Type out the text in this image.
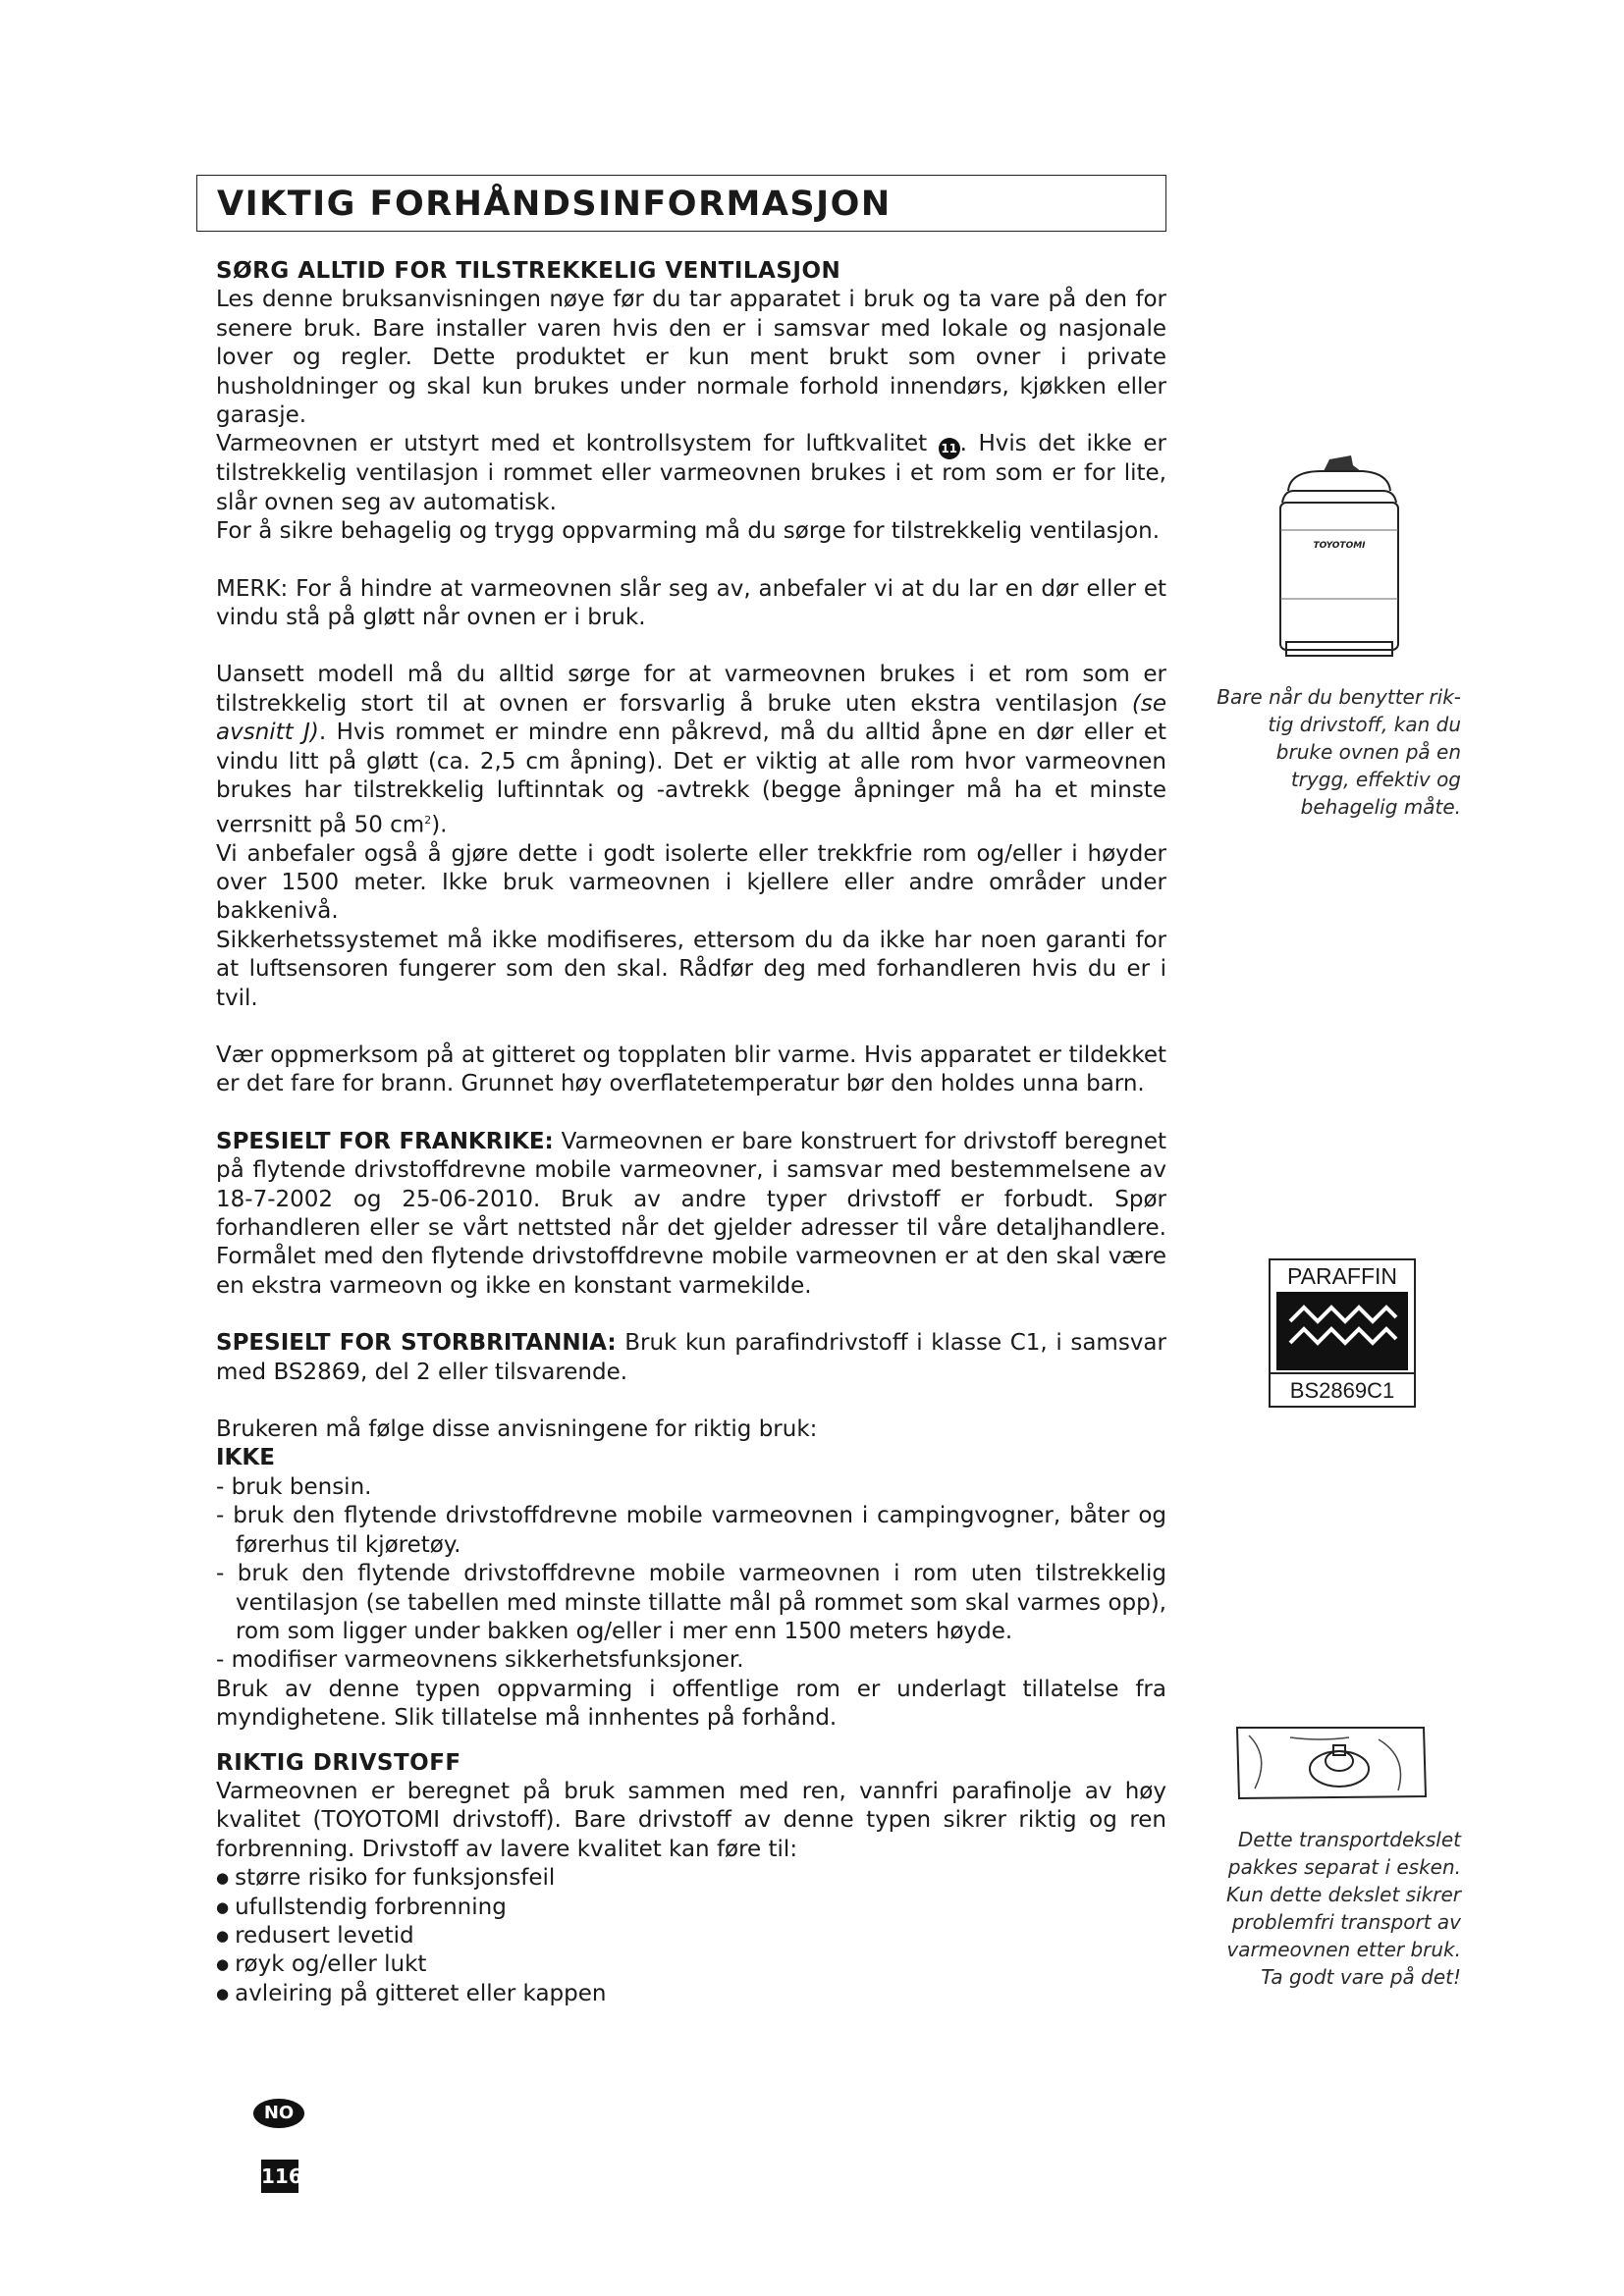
VIKTIG FORHÅNDSINFORMASJON

SØRG ALLTID FOR TILSTREKKELIG VENTILASJON

Les denne bruksanvisningen nøye før du tar apparatet i bruk og ta vare på den for senere bruk. Bare installer varen hvis den er i samsvar med lokale og nasjonale lover og regler. Dette produktet er kun ment brukt som ovner i private husholdninger og skal kun brukes under normale forhold innendørs, kjøkken eller garasje.

Varmeovnen er utstyrt med et kontrollsystem for luftkvalitet 11 . Hvis det ikke er tilstrekkelig ventilasjon i rommet eller varmeovnen brukes i et rom som er for lite, slår ovnen seg av automatisk.

For å sikre behagelig og trygg oppvarming må du sørge for tilstrekkelig ventilasjon.

MERK: For å hindre at varmeovnen slår seg av, anbefaler vi at du lar en dør eller et vindu stå på gløtt når ovnen er i bruk.

Uansett modell må du alltid sørge for at varmeovnen brukes i et rom som er tilstrekkelig stort til at ovnen er forsvarlig å bruke uten ekstra ventilasjon (se avsnitt J). Hvis rommet er mindre enn påkrevd, må du alltid åpne en dør eller et vindu litt på gløtt (ca. 2,5 cm åpning). Det er viktig at alle rom hvor varmeovnen brukes har tilstrekkelig luftinntak og -avtrekk (begge åpninger må ha et minste verrsnitt på 50 $cm^2$).

Vi anbefaler også å gjøre dette i godt isolerte eller trekkfrie rom og/eller i høyder over 1500 meter. Ikke bruk varmeovnen i kjellere eller andre områder under bakkenivå.

Sikkerhetssystemet må ikke modifiseres, ettersom du da ikke har noen garanti for at luftsensoren fungerer som den skal. Rådfør deg med forhandleren hvis du er i tvil.

Vær oppmerksom på at gitteret og topplaten blir varme. Hvis apparatet er tildekket er det fare for brann. Grunnet høy overflatetemperatur bør den holdes unna barn.

SPESIELT FOR FRANKRIKE: Varmeovnen er bare konstruert for drivstoff beregnet på flytende drivstoffdrevne mobile varmeovner, i samsvar med bestemmelsene av 18-7-2002 og 25-06-2010. Bruk av andre typer drivstoff er forbudt. Spør forhandleren eller se vårt nettsted når det gjelder adresser til våre detaljhandlere. Formålet med den flytende drivstoffdrevne mobile varmeovnen er at den skal være en ekstra varmeovn og ikke en konstant varmekilde.

SPESIELT FOR STORBRITANNIA: Bruk kun parafindrivstoff i klasse C1, i samsvar med BS2869, del 2 eller tilsvarende.

Brukeren må følge disse anvisningene for riktig bruk:

IKKE

- bruk bensin.

- bruk den flytende drivstoffdrevne mobile varmeovnen i campingvogner, båter og førerhus til kjøretøy.

- bruk den flytende drivstoffdrevne mobile varmeovnen i rom uten tilstrekkelig ventilasjon (se tabellen med minste tillatte mål på rommet som skal varmes opp), rom som ligger under bakken og/eller i mer enn 1500 meters høyde.

- modifiser varmeovnens sikkerhetsfunksjoner.

Bruk av denne typen oppvarming i offentlige rom er underlagt tillatelse fra myndighetene. Slik tillatelse må innhentes på forhånd.

RIKTIG DRIVSTOFF

Varmeovnen er beregnet på bruk sammen med ren, vannfri parafinolje av høy kvalitet (TOYOTOMI drivstoff). Bare drivstoff av denne typen sikrer riktig og ren forbrenning. Drivstoff av lavere kvalitet kan føre til:

● større risiko for funksjonsfeil

● ufullstendig forbrenning

● redusert levetid

● røyk og/eller lukt

● avleiring på gitteret eller kappen

TOYOTOMI
Bare når du benytter rik-
tig drivstoff, kan du
bruke ovnen på en
trygg, effektiv og
behagelig måte.
PARAFFIN
BS2869C1
Dette transportdekslet
pakkes separat i esken.
Kun dette dekslet sikrer
problemfri transport av
varmeovnen etter bruk.
Ta godt vare på det!
NO
116
